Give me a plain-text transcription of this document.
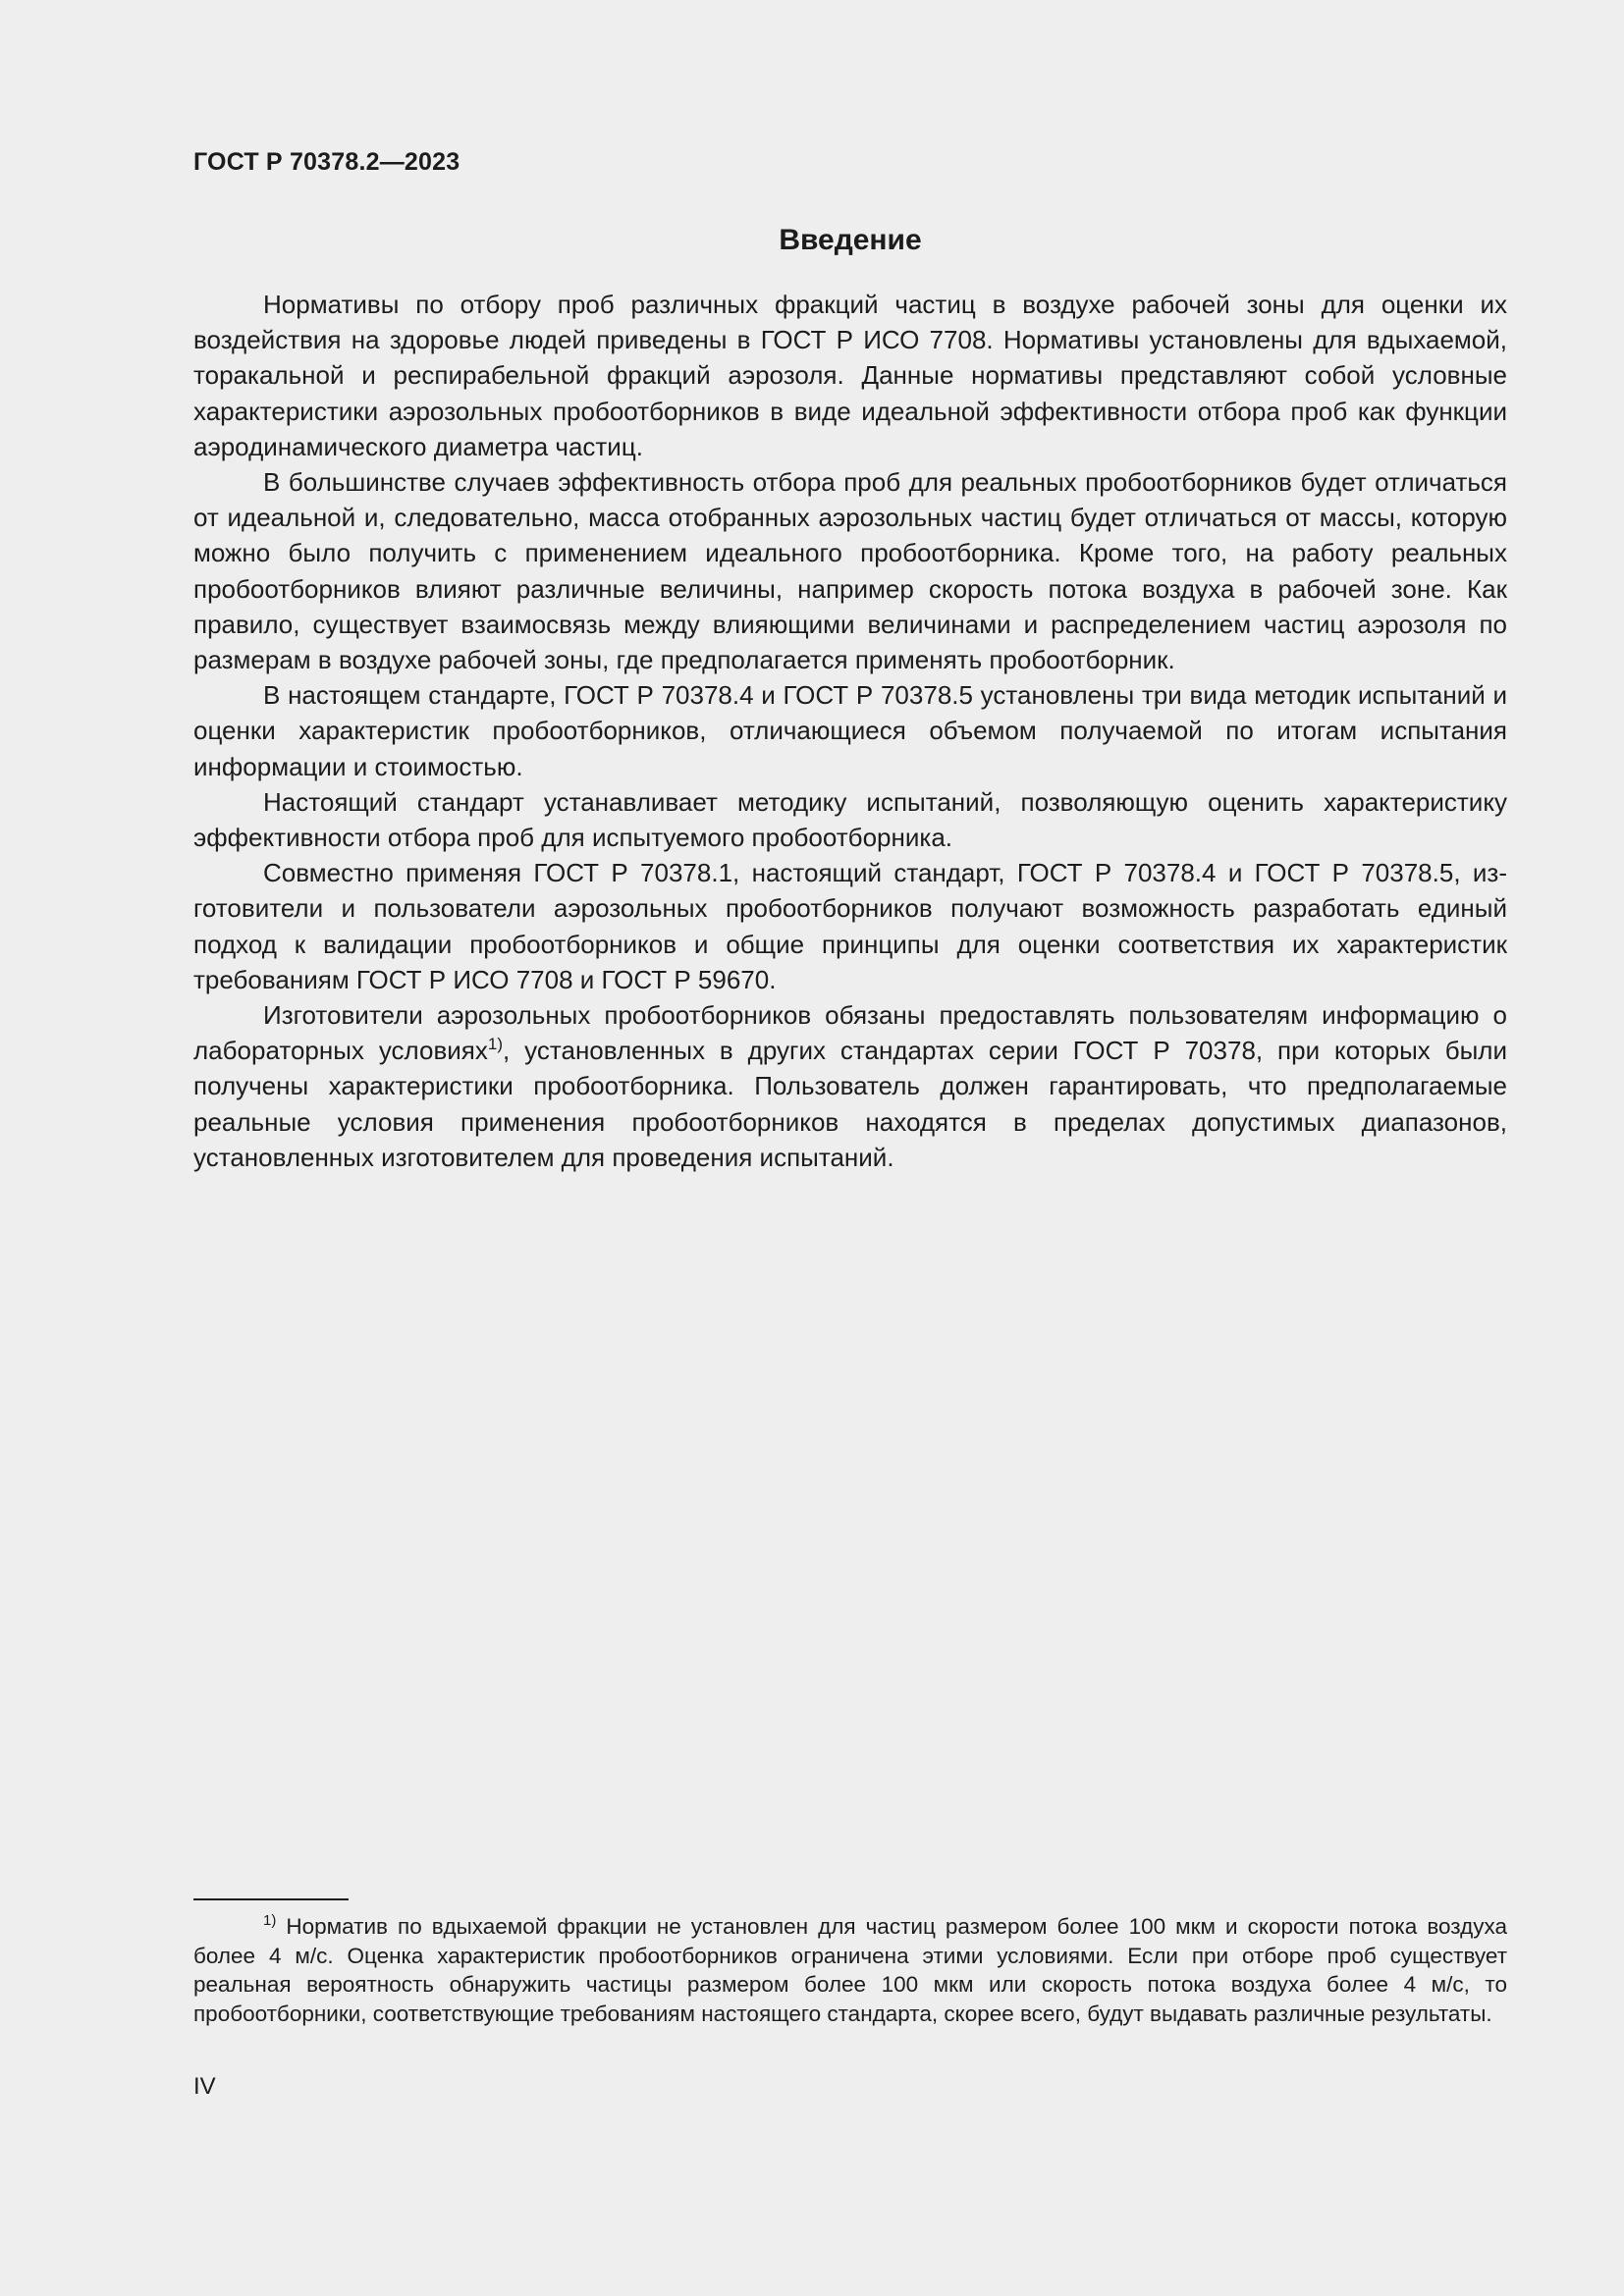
ГОСТ Р 70378.2—2023

Введение

Нормативы по отбору проб различных фракций частиц в воздухе рабочей зоны для оценки их воздействия на здоровье людей приведены в ГОСТ Р ИСО 7708. Нормативы установлены для вдыхаемой, торакальной и респирабельной фракций аэрозоля. Данные нормативы представляют собой условные характеристики аэрозольных пробоотборников в виде идеальной эффективности отбора проб как функции аэродинамического диаметра частиц.

В большинстве случаев эффективность отбора проб для реальных пробоотборников будет отличаться от идеальной и, следовательно, масса отобранных аэрозольных частиц будет отличаться от массы, которую можно было получить с применением идеального пробоотборника. Кроме того, на работу реальных пробоотборников влияют различные величины, например скорость потока воздуха в рабочей зоне. Как правило, существует взаимосвязь между влияющими величинами и распределением частиц аэрозоля по размерам в воздухе рабочей зоны, где предполагается применять пробоотборник.

В настоящем стандарте, ГОСТ Р 70378.4 и ГОСТ Р 70378.5 установлены три вида методик испытаний и оценки характеристик пробоотборников, отличающиеся объемом получаемой по итогам испытания информации и стоимостью.

Настоящий стандарт устанавливает методику испытаний, позволяющую оценить характеристику эффективности отбора проб для испытуемого пробоотборника.

Совместно применяя ГОСТ Р 70378.1, настоящий стандарт, ГОСТ Р 70378.4 и ГОСТ Р 70378.5, изготовители и пользователи аэрозольных пробоотборников получают возможность разработать единый подход к валидации пробоотборников и общие принципы для оценки соответствия их характеристик требованиям ГОСТ Р ИСО 7708 и ГОСТ Р 59670.

Изготовители аэрозольных пробоотборников обязаны предоставлять пользователям информацию о лабораторных условиях$^{1)}$, установленных в других стандартах серии ГОСТ Р 70378, при которых были получены характеристики пробоотборника. Пользователь должен гарантировать, что предполагаемые реальные условия применения пробоотборников находятся в пределах допустимых диапазонов, установленных изготовителем для проведения испытаний.

$^{1)}$ Норматив по вдыхаемой фракции не установлен для частиц размером более 100 мкм и скорости потока воздуха более 4 м/с. Оценка характеристик пробоотборников ограничена этими условиями. Если при отборе проб существует реальная вероятность обнаружить частицы размером более 100 мкм или скорость потока воздуха более 4 м/с, то пробоотборники, соответствующие требованиям настоящего стандарта, скорее всего, будут выдавать различные результаты.

IV
